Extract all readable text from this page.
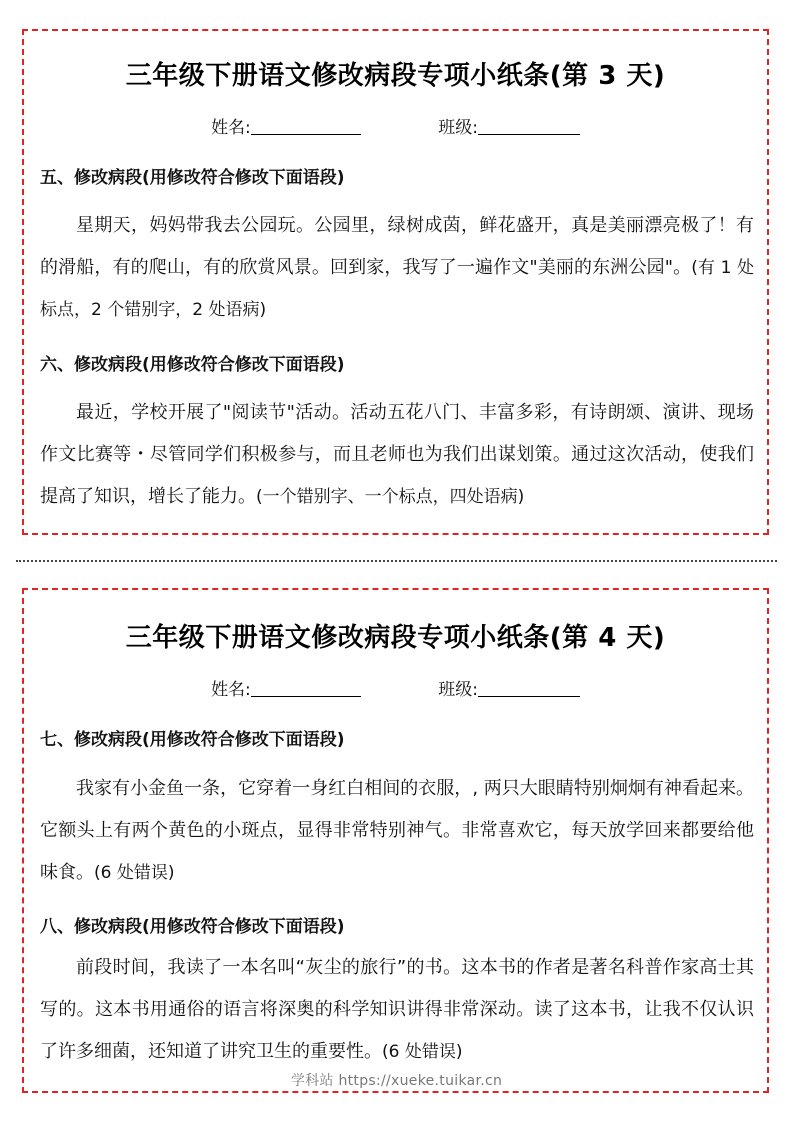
三年级下册语文修改病段专项小纸条(第 3 天)
姓名:	班级:
五、修改病段(用修改符合修改下面语段)
星期天，妈妈带我去公园玩。公园里，绿树成茵，鲜花盛开，真是美丽漂亮极了！有的滑船，有的爬山，有的欣赏风景。回到家，我写了一遍作文"美丽的东洲公园"。(有 1 处标点，2 个错别字，2 处语病)
六、修改病段(用修改符合修改下面语段)
最近，学校开展了"阅读节"活动。活动五花八门、丰富多彩，有诗朗颂、演讲、现场作文比赛等・尽管同学们积极参与，而且老师也为我们出谋划策。通过这次活动，使我们提高了知识，增长了能力。(一个错别字、一个标点，四处语病)
三年级下册语文修改病段专项小纸条(第 4 天)
姓名:	班级:
七、修改病段(用修改符合修改下面语段)
我家有小金鱼一条，它穿着一身红白相间的衣服，, 两只大眼睛特别炯炯有神看起来。它额头上有两个黄色的小斑点，显得非常特别神气。非常喜欢它，每天放学回来都要给他味食。(6 处错误)
八、修改病段(用修改符合修改下面语段)
前段时间，我读了一本名叫“灰尘的旅行”的书。这本书的作者是著名科普作家高士其写的。这本书用通俗的语言将深奥的科学知识讲得非常深动。读了这本书，让我不仅认识了许多细菌，还知道了讲究卫生的重要性。(6 处错误)
学科站 https://xueke.tuikar.cn
